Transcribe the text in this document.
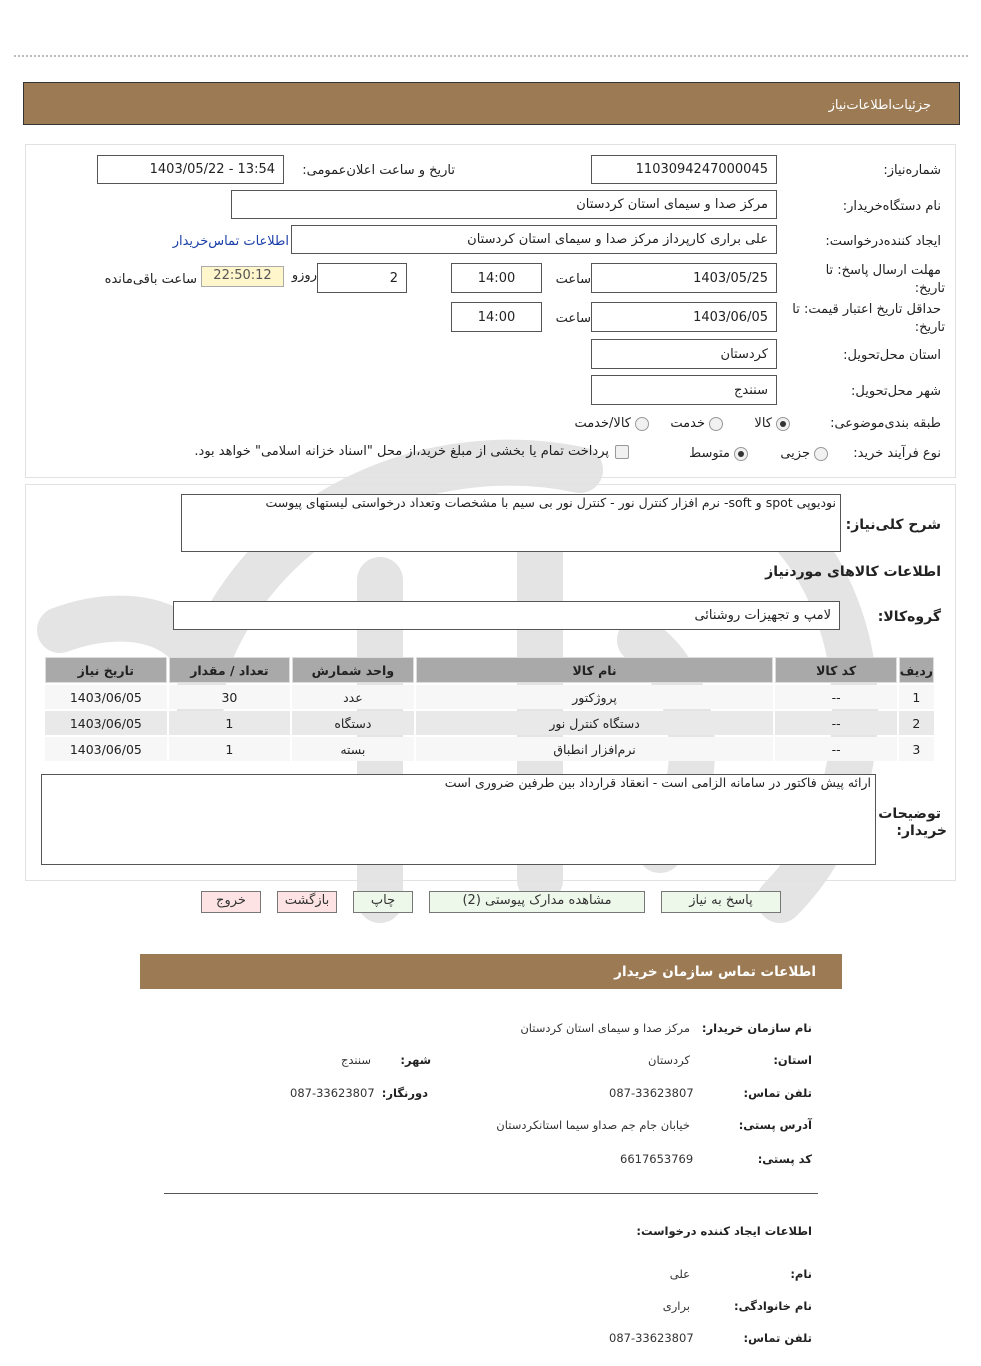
جزئیات‌اطلاعات‌نیاز
شماره‌نیاز:
1103094247000045
تاریخ و ساعت اعلان‌عمومی:
1403/05/22 - 13:54
نام دستگاه‌خریدار:
مرکز صدا و سیمای استان کردستان
ایجاد کننده‌درخواست:
علی براری کارپرداز مرکز صدا و سیمای استان کردستان
اطلاعات تماس‌خریدار
مهلت ارسال پاسخ: تا
تاریخ:
1403/05/25
ساعت
14:00
2
روزو
22:50:12
ساعت باقی‌مانده
حداقل تاریخ اعتبار قیمت: تا
تاریخ:
1403/06/05
ساعت
14:00
استان محل‌تحویل:
کردستان
شهر محل‌تحویل:
سنندج
طبقه بندی‌موضوعی:
کالا
خدمت
کالا/خدمت
نوع فرآیند خرید:
جزیی
متوسط
پرداخت تمام یا بخشی از مبلغ خرید،از محل "اسناد خزانه اسلامی" خواهد بود.
شرح کلی‌نیاز:
نودیوپی spot و soft- نرم افزار کنترل نور - کنترل نور بی سیم با مشخصات وتعداد درخواستی لیستهای پیوست
اطلاعات کالاهای مورد‌نیاز
گروه‌کالا:
لامپ و تجهیزات روشنائی
ردیف	کد کالا	نام کالا	واحد شمارش	تعداد / مقدار	تاریخ نیاز
1	--	پروژکتور	عدد	30	1403/06/05
2	--	دستگاه کنترل نور	دستگاه	1	1403/06/05
3	--	نرم‌افزار انطباق	بسته	1	1403/06/05
توضیحات
خریدار:
ارائه پیش فاکتور در سامانه الزامی است - انعقاد قرارداد بین طرفین ضروری است
پاسخ به نیاز
مشاهده مدارک پیوستی (2)
چاپ
بازگشت
خروج
اطلاعات تماس سازمان خریدار
نام سازمان خریدار:
مرکز صدا و سیمای استان کردستان
استان:
کردستان
شهر:
سنندج
تلفن تماس:
087-33623807
دورنگار:
087-33623807
آدرس پستی:
خیابان جام جم صداو سیما استانکردستان
کد پستی:
6617653769
اطلاعات ایجاد کننده درخواست:
نام:
علی
نام خانوادگی:
براری
تلفن تماس:
087-33623807
